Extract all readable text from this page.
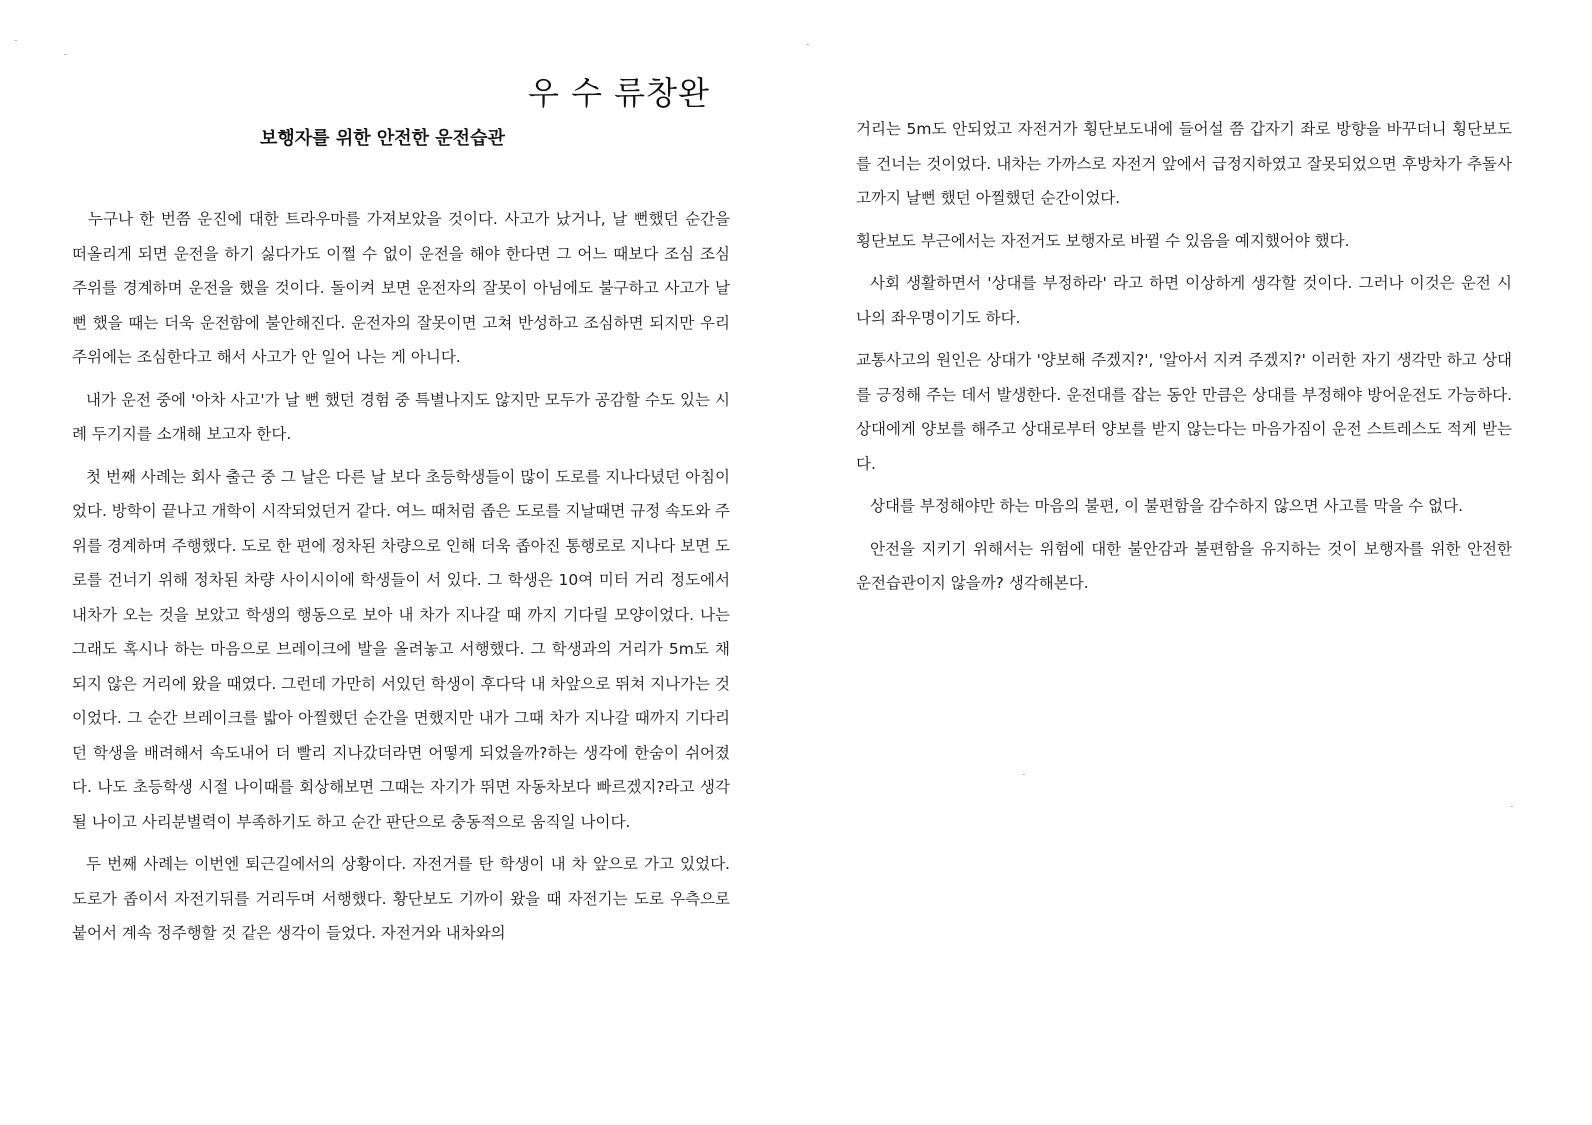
우 수 류창완
보행자를 위한 안전한 운전습관

누구나 한 번쯤 운진에 대한 트라우마를 가져보았을 것이다. 사고가 났거나, 날 뻔했던 순간을 떠올리게 되면 운전을 하기 싫다가도 이쩔 수 없이 운전을 해야 한다면 그 어느 때보다 조심 조심 주위를 경계하며 운전을 했을 것이다. 돌이켜 보면 운전자의 잘못이 아님에도 불구하고 사고가 날뻔 했을 때는 더욱 운전함에 불안해진다. 운전자의 잘못이면 고쳐 반성하고 조심하면 되지만 우리 주위에는 조심한다고 해서 사고가 안 일어 나는 게 아니다.

내가 운전 중에 '아차 사고'가 날 뻔 했던 경험 중 특별나지도 않지만 모두가 공감할 수도 있는 시례 두기지를 소개해 보고자 한다.

첫 번째 사례는 회사 출근 중 그 날은 다른 날 보다 초등학생들이 많이 도로를 지나다녔던 아침이었다. 방학이 끝나고 개학이 시작되었던거 같다. 여느 때처럼 좁은 도로를 지날때면 규정 속도와 주위를 경계하며 주행했다. 도로 한 편에 정차된 차량으로 인해 더욱 좁아진 통행로로 지나다 보면 도로를 건너기 위해 정차된 차량 사이시이에 학생들이 서 있다. 그 학생은 10여 미터 거리 정도에서 내차가 오는 것을 보았고 학생의 행동으로 보아 내 차가 지나갈 때 까지 기다릴 모양이었다. 나는 그래도 혹시나 하는 마음으로 브레이크에 발을 올려놓고 서행했다. 그 학생과의 거리가 5m도 채 되지 않은 거리에 왔을 때였다. 그런데 가만히 서있던 학생이 후다닥 내 차앞으로 뛰쳐 지나가는 것이었다. 그 순간 브레이크를 밟아 아찔했던 순간을 면했지만 내가 그때 차가 지나갈 때까지 기다리던 학생을 배려해서 속도내어 더 빨리 지나갔더라면 어떻게 되었을까?하는 생각에 한숨이 쉬어졌다. 나도 초등학생 시절 나이때를 회상해보면 그때는 자기가 뛰면 자동차보다 빠르겠지?라고 생각될 나이고 사리분별력이 부족하기도 하고 순간 판단으로 충동적으로 움직일 나이다.

두 번째 사례는 이번엔 퇴근길에서의 상황이다. 자전거를 탄 학생이 내 차 앞으로 가고 있었다. 도로가 좁이서 자전기뒤를 거리두며 서행했다. 황단보도 기까이 왔을 때 자전기는 도로 우측으로 붙어서 계속 정주행할 것 같은 생각이 들었다. 자전거와 내차와의

거리는 5m도 안되었고 자전거가 횡단보도내에 들어설 쯤 갑자기 좌로 방향을 바꾸더니 횡단보도를 건너는 것이었다. 내차는 가까스로 자전거 앞에서 급정지하였고 잘못되었으면 후방차가 추돌사고까지 날뻔 했던 아찔했던 순간이었다.

횡단보도 부근에서는 자전거도 보행자로 바뀔 수 있음을 예지했어야 했다.

사회 생활하면서 '상대를 부정하라' 라고 하면 이상하게 생각할 것이다. 그러나 이것은 운전 시 나의 좌우명이기도 하다.

교통사고의 원인은 상대가 '양보해 주겠지?', '알아서 지켜 주겠지?' 이러한 자기 생각만 하고 상대를 긍정해 주는 데서 발생한다. 운전대를 잡는 동안 만큼은 상대를 부정해야 방어운전도 가능하다. 상대에게 양보를 해주고 상대로부터 양보를 받지 않는다는 마음가짐이 운전 스트레스도 적게 받는다.

상대를 부정해야만 하는 마음의 불편, 이 불편함을 감수하지 않으면 사고를 막을 수 없다.

안전을 지키기 위해서는 위험에 대한 불안감과 불편함을 유지하는 것이 보행자를 위한 안전한 운전습관이지 않을까? 생각해본다.
